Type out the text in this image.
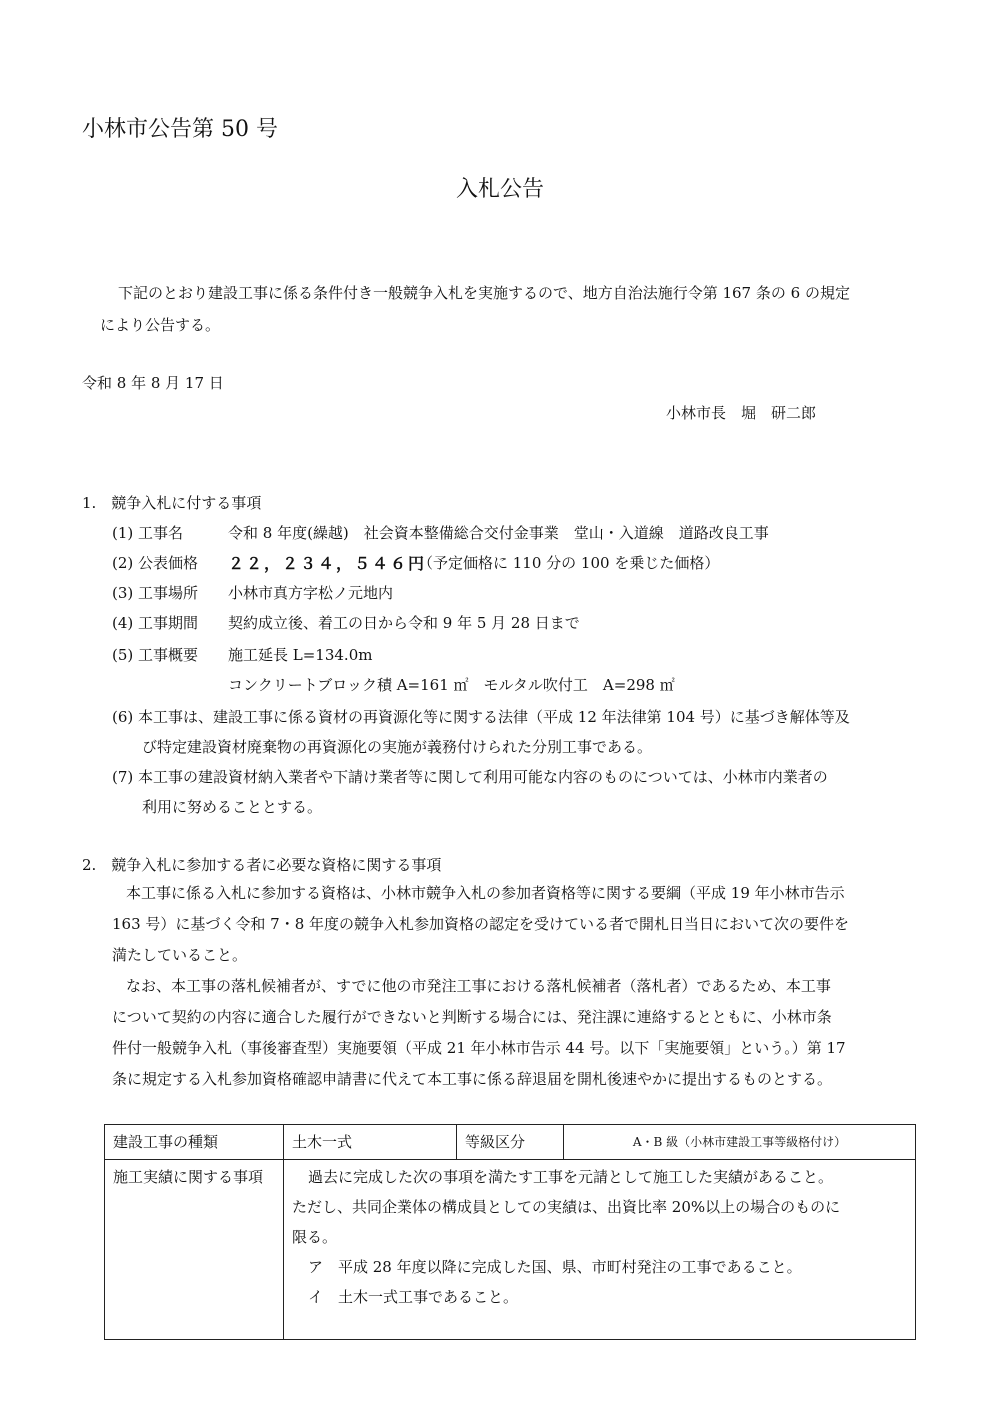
小林市公告第 50 号
入札公告
下記のとおり建設工事に係る条件付き一般競争入札を実施するので、地方自治法施行令第 167 条の 6 の規定
により公告する。
令和 8 年 8 月 17 日
小林市長　堀　研二郎
1.　競争入札に付する事項
(1) 工事名	令和 8 年度(繰越)　社会資本整備総合交付金事業　堂山・入道線　道路改良工事
(2) 公表価格 ２２，２３４，５４６円
（予定価格に 110 分の 100 を乗じた価格）
(3) 工事場所 小林市真方字松ノ元地内
(4) 工事期間 契約成立後、着工の日から令和 9 年 5 月 28 日まで
(5) 工事概要 施工延長 L=134.0m
コンクリートブロック積 A=161 ㎡　モルタル吹付工　A=298 ㎡
(6) 本工事は、建設工事に係る資材の再資源化等に関する法律（平成 12 年法律第 104 号）に基づき解体等及
び特定建設資材廃棄物の再資源化の実施が義務付けられた分別工事である。
(7) 本工事の建設資材納入業者や下請け業者等に関して利用可能な内容のものについては、小林市内業者の
利用に努めることとする。
2.　競争入札に参加する者に必要な資格に関する事項
本工事に係る入札に参加する資格は、小林市競争入札の参加者資格等に関する要綱（平成 19 年小林市告示
163 号）に基づく令和 7・8 年度の競争入札参加資格の認定を受けている者で開札日当日において次の要件を
満たしていること。
なお、本工事の落札候補者が、すでに他の市発注工事における落札候補者（落札者）であるため、本工事
について契約の内容に適合した履行ができないと判断する場合には、発注課に連絡するとともに、小林市条
件付一般競争入札（事後審査型）実施要領（平成 21 年小林市告示 44 号。以下「実施要領」という。）第 17
条に規定する入札参加資格確認申請書に代えて本工事に係る辞退届を開札後速やかに提出するものとする。
建設工事の種類	土木一式	等級区分	A・B 級（小林市建設工事等級格付け）
施工実績に関する事項	過去に完成した次の事項を満たす工事を元請として施工した実績があること。
ただし、共同企業体の構成員としての実績は、出資比率 20%以上の場合のものに
限る。
ア　平成 28 年度以降に完成した国、県、市町村発注の工事であること。
イ　土木一式工事であること。		
